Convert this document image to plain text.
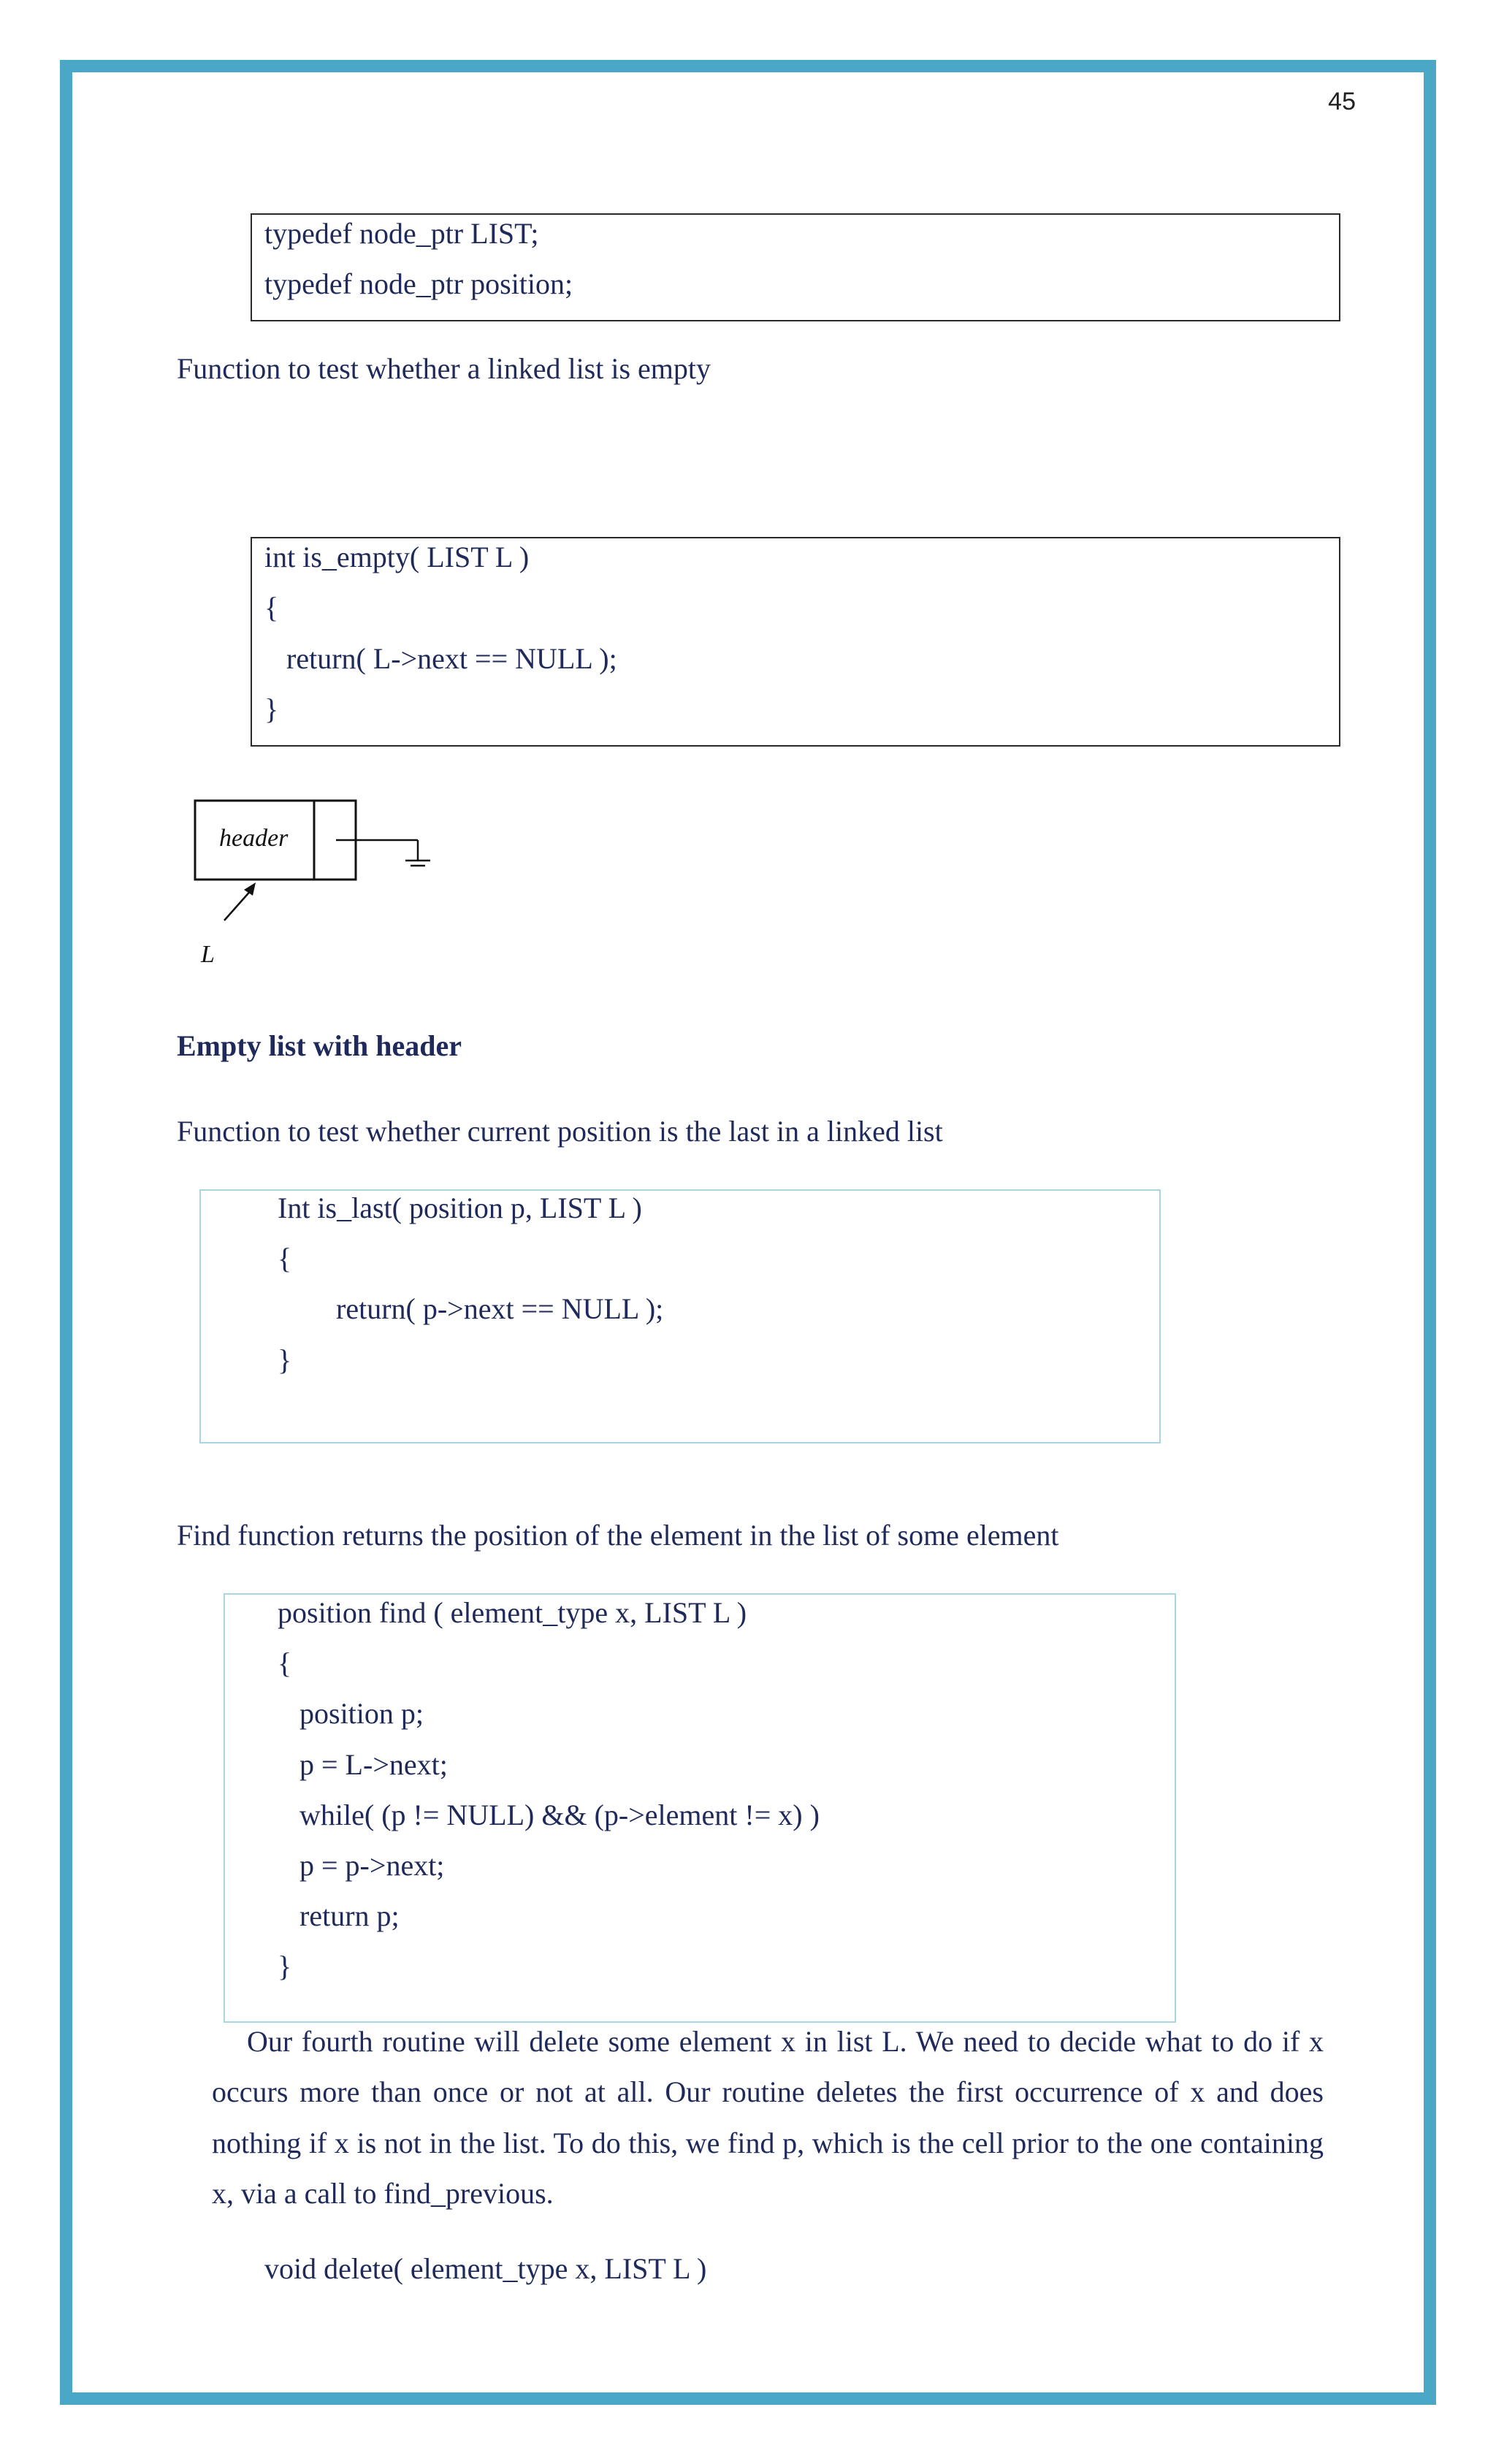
45
typedef node_ptr LIST;
typedef node_ptr position;
Function to test whether a linked list is empty
int is_empty( LIST L )
{
return( L->next == NULL );
}
header
L
Empty list with header
Function to test whether current position is the last in a linked list
Int is_last( position p, LIST L )
{
return( p->next == NULL );
}
Find function returns the position of the element in the list of some element
position find ( element_type x, LIST L )
{
position p;
p = L->next;
while( (p != NULL) && (p->element != x) )
p = p->next;
return p;
}
Our fourth routine will delete some element x in list L. We need to decide what to do if x
occurs more than once or not at all. Our routine deletes the first occurrence of x and does
nothing if x is not in the list. To do this, we find p, which is the cell prior to the one containing
x, via a call to find_previous.
void delete( element_type x, LIST L )
